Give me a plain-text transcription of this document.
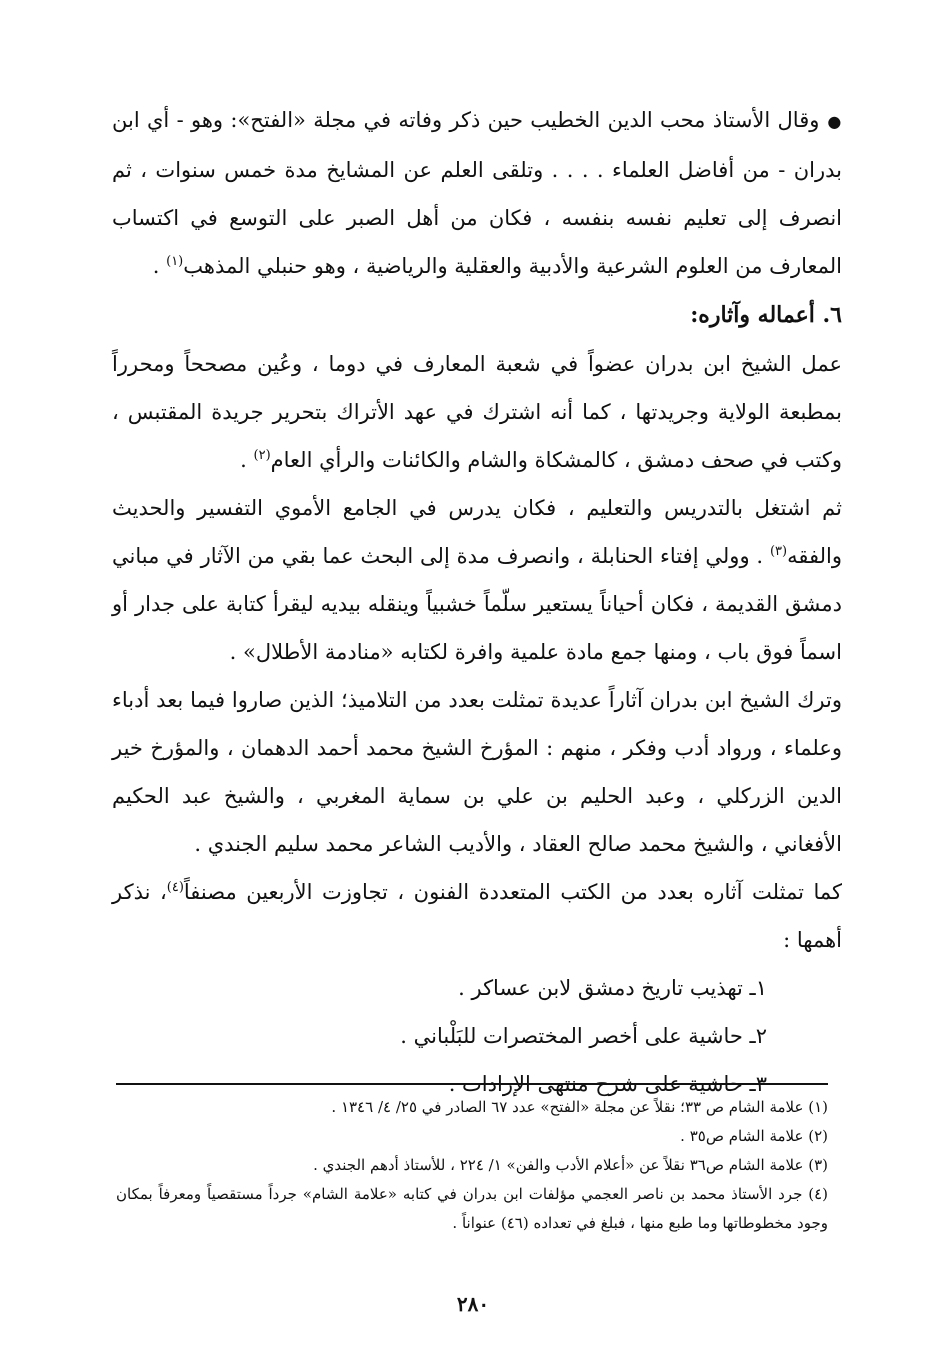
●وقال الأستاذ محب الدين الخطيب حين ذكر وفاته في مجلة «الفتح»: وهو - أي ابن بدران - من أفاضل العلماء . . . . وتلقى العلم عن المشايخ مدة خمس سنوات ، ثم انصرف إلى تعليم نفسه بنفسه ، فكان من أهل الصبر على التوسع في اكتساب المعارف من العلوم الشرعية والأدبية والعقلية والرياضية ، وهو حنبلي المذهب$^{(١)}$ .

٦. أعماله وآثاره:

عمل الشيخ ابن بدران عضواً في شعبة المعارف في دوما ، وعُين مصححاً ومحرراً بمطبعة الولاية وجريدتها ، كما أنه اشترك في عهد الأتراك بتحرير جريدة المقتبس ، وكتب في صحف دمشق ، كالمشكاة والشام والكائنات والرأي العام$^{(٢)}$ .

ثم اشتغل بالتدريس والتعليم ، فكان يدرس في الجامع الأموي التفسير والحديث والفقه$^{(٣)}$ . وولي إفتاء الحنابلة ، وانصرف مدة إلى البحث عما بقي من الآثار في مباني دمشق القديمة ، فكان أحياناً يستعير سلّماً خشبياً وينقله بيديه ليقرأ كتابة على جدار أو اسماً فوق باب ، ومنها جمع مادة علمية وافرة لكتابه «منادمة الأطلال» .

وترك الشيخ ابن بدران آثاراً عديدة تمثلت بعدد من التلاميذ؛ الذين صاروا فيما بعد أدباء وعلماء ، ورواد أدب وفكر ، منهم : المؤرخ الشيخ محمد أحمد الدهمان ، والمؤرخ خير الدين الزركلي ، وعبد الحليم بن علي بن سماية المغربي ، والشيخ عبد الحكيم الأفغاني ، والشيخ محمد صالح العقاد ، والأديب الشاعر محمد سليم الجندي .

كما تمثلت آثاره بعدد من الكتب المتعددة الفنون ، تجاوزت الأربعين مصنفاً$^{(٤)}$، نذكر أهمها :

١ـ تهذيب تاريخ دمشق لابن عساكر .
٢ـ حاشية على أخصر المختصرات للبَلْباني .
٣ـ حاشية على شرح منتهى الإرادات .

(١) علامة الشام ص ٣٣؛ نقلاً عن مجلة «الفتح» عدد ٦٧ الصادر في ٢٥/ ٤/ ١٣٤٦ .

(٢) علامة الشام ص٣٥ .

(٣) علامة الشام ص٣٦ نقلاً عن «أعلام الأدب والفن» ١/ ٢٢٤ ، للأستاذ أدهم الجندي .

(٤) جرد الأستاذ محمد بن ناصر العجمي مؤلفات ابن بدران في كتابه «علامة الشام» جرداً مستقصياً ومعرفاً بمكان وجود مخطوطاتها وما طبع منها ، فبلغ في تعداده (٤٦) عنواناً .

٢٨٠
